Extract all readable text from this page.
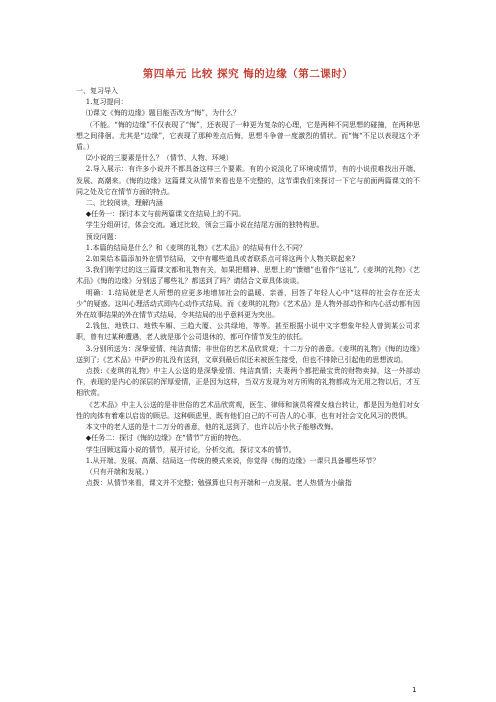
第四单元 比较 探究 悔的边缘（第二课时）

一、复习导入

1.复习提问：

⑴课文《悔的边缘》题目能否改为“悔”，为什么？

（不能。“悔的边缘”不仅表现了“悔”，还表现了一种更为复杂的心理，它是两种不同思想的碰撞，在两种思想之间徘徊。尤其是“边缘”，它表现了那种差点后悔，思想斗争曾一度激烈的情状。而“悔“不足以表现这个矛盾。）

⑵小说的三要素是什么？（情节、人物、环境）

2.导入展示：有许多小说并不都具备这样三个要素。有的小说淡化了环境或情节，有的小说很难找出开端、发展、高潮来。《悔的边缘》这篇课文从情节来看也是不完整的，这节课我们来探讨一下它与前面两篇课文的不同之处及它在情节方面的特点。

二、比较阅读，理解内涵

◆任务一：探讨本文与前两篇课文在结局上的不同。

学生分组研讨，体会交流。通过比较，领会三篇小说在结尾方面的独特构思。

预设问题：

1.本篇的结局是什么？和《麦琪的礼物》《艺术品》的结局有什么不同？

2.如果给本篇添加外在情节结局，文中有哪些道具或者联系点可将这两个人物关联起来?

3.我们刚学过的这三篇课文都和礼物有关，如果把精神、思想上的“馈赠”也看作“送礼”,《麦琪的礼物》《艺术品》《悔的边缘》分别送了哪些礼？都送到了吗？请结合文章具体谈谈。

明确：1.结局就是老人所想的应更多地增加社会的温暖、亲善，回答了年轻人心中“这样的社会存在还太少”的疑惑。这叫心理活动式即内心动作式结局。而《麦琪的礼物》《艺术品》是人物外部动作和内心活动都有因外在故事结果的外在情节式结局，令其结局的出乎意料更为突出。

2.钱包、地铁口、地铁车厢、三趋大厦、公共绿地，等等。甚至根据小说中文字想象年轻人曾到某公司求职，曾有过某种遭遇，老人就是那个公司退休的，都可作情节发生的依托。

3.分别所送为：深挚爱情、纯洁真情；非世俗的艺术品欣赏观；十二万分的善意。《麦琪的礼物》《悔的边缘》送到了;《艺术品》中萨沙的礼没有送到，文章到最后似还未被医生接受，但也不排除已引起他的思想波动。

点拨:《麦琪的礼物》中主人公送的是深挚爱情、纯洁真情；夫妻两个都把最宝贵的财物卖掉，这一外部动作，表现的是内心的深层的浑厚爱情，正是因为这样，当双方发现为对方所购的礼物都成为无用之物以后，才互相欣赏。

《艺术品》中主人公送的是非世俗的艺术品欣赏观，医生、律师和演员将裸女烛台转让，都是因为他们对女性的肉体有着难以启齿的顾忌。这种顾虑里，既有他们自己的不可告人的心事，也有对社会文化风习的畏惧。

本文中的老人送的是十二万分的善意，他的礼送到了，也许以后小伙子能够改悔。

◆任务二：探讨《悔的边缘》在“情节”方面的特色。

学生回顾这篇小说的情节，展开讨论，分析交流，探讨文本的情节。

1.从开端、发展、高潮、结局这一传统的模式来说，你觉得《悔的边缘》一课只具备哪些环节？

（只有开端和发展。）

点拨：从情节来看，课文并不完整；勉强算也只有开端和一点发展。老人热情为小偷指

1
